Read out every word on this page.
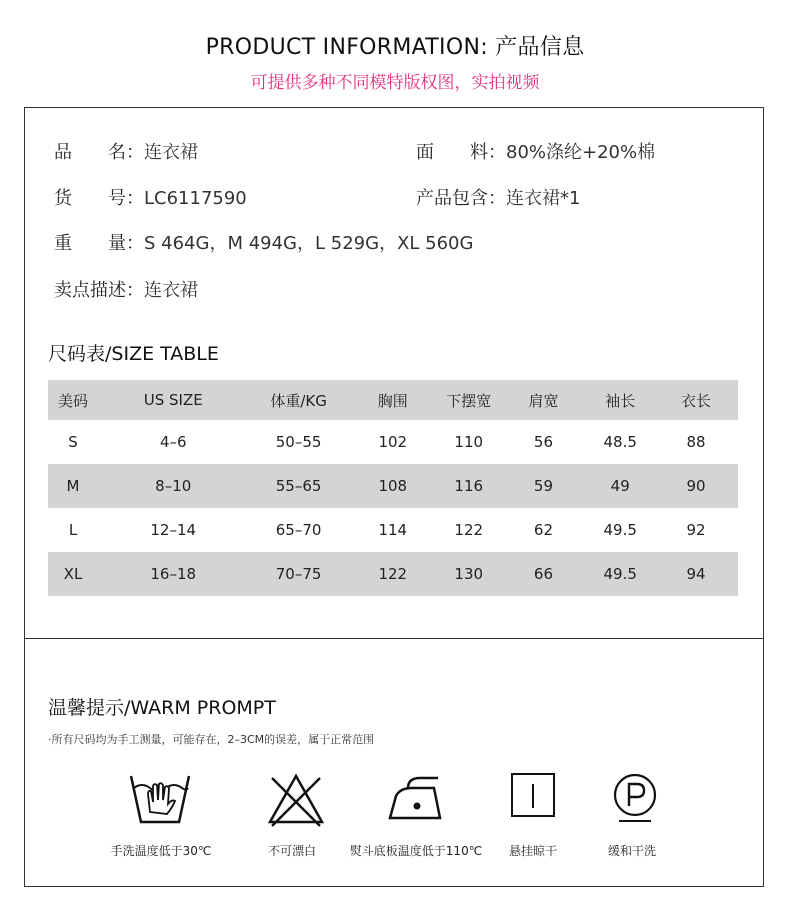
PRODUCT INFORMATION: 产品信息
可提供多种不同模特版权图，实拍视频
品　　名：连衣裙	面　　料：80%涤纶+20%棉
货　　号：LC6117590	产品包含：连衣裙*1
重　　量：S 464G，M 494G，L 529G，XL 560G
卖点描述：连衣裙
尺码表/SIZE TABLE
美码	US SIZE	体重/KG	胸围	下摆宽	肩宽	袖长	衣长
S	4–6	50–55	102	110	56	48.5	88
M	8–10	55–65	108	116	59	49	90
L	12–14	65–70	114	122	62	49.5	92
XL	16–18	70–75	122	130	66	49.5	94
温馨提示/WARM PROMPT
·所有尺码均为手工测量，可能存在，2–3CM的误差，属于正常范围
手洗温度低于30℃	不可漂白	熨斗底板温度低于110℃	悬挂晾干	缓和干洗
